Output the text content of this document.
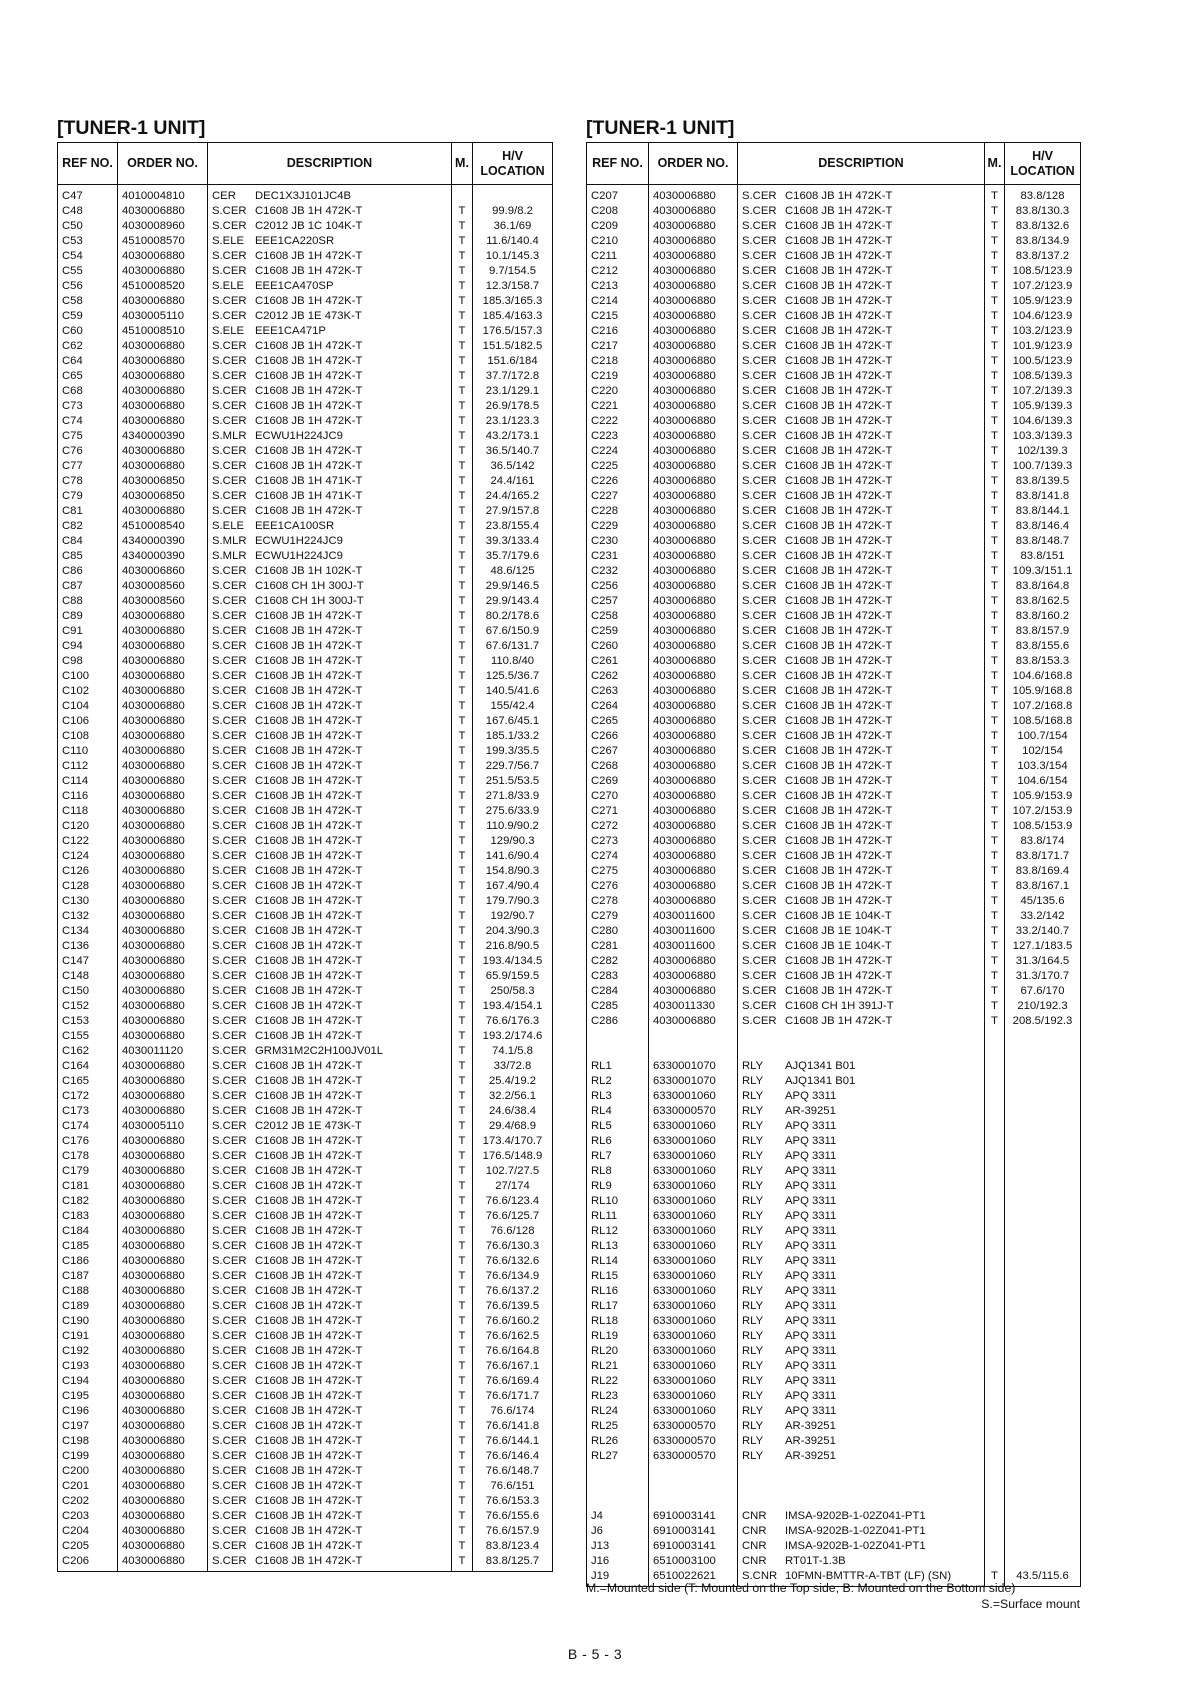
[TUNER-1 UNIT]
REF NO.	ORDER NO.	DESCRIPTION	M.	H/V LOCATION
C47	4010004810	CER DEC1X3J101JC4B		
C48	4030006880	S.CER C1608 JB 1H 472K-T	T	99.9/8.2
C50	4030008960	S.CER C2012 JB 1C 104K-T	T	36.1/69
C53	4510008570	S.ELE EEE1CA220SR	T	11.6/140.4
C54	4030006880	S.CER C1608 JB 1H 472K-T	T	10.1/145.3
C55	4030006880	S.CER C1608 JB 1H 472K-T	T	9.7/154.5
C56	4510008520	S.ELE EEE1CA470SP	T	12.3/158.7
C58	4030006880	S.CER C1608 JB 1H 472K-T	T	185.3/165.3
C59	4030005110	S.CER C2012 JB 1E 473K-T	T	185.4/163.3
C60	4510008510	S.ELE EEE1CA471P	T	176.5/157.3
C62	4030006880	S.CER C1608 JB 1H 472K-T	T	151.5/182.5
C64	4030006880	S.CER C1608 JB 1H 472K-T	T	151.6/184
C65	4030006880	S.CER C1608 JB 1H 472K-T	T	37.7/172.8
C68	4030006880	S.CER C1608 JB 1H 472K-T	T	23.1/129.1
C73	4030006880	S.CER C1608 JB 1H 472K-T	T	26.9/178.5
C74	4030006880	S.CER C1608 JB 1H 472K-T	T	23.1/123.3
C75	4340000390	S.MLR ECWU1H224JC9	T	43.2/173.1
C76	4030006880	S.CER C1608 JB 1H 472K-T	T	36.5/140.7
C77	4030006880	S.CER C1608 JB 1H 472K-T	T	36.5/142
C78	4030006850	S.CER C1608 JB 1H 471K-T	T	24.4/161
C79	4030006850	S.CER C1608 JB 1H 471K-T	T	24.4/165.2
C81	4030006880	S.CER C1608 JB 1H 472K-T	T	27.9/157.8
C82	4510008540	S.ELE EEE1CA100SR	T	23.8/155.4
C84	4340000390	S.MLR ECWU1H224JC9	T	39.3/133.4
C85	4340000390	S.MLR ECWU1H224JC9	T	35.7/179.6
C86	4030006860	S.CER C1608 JB 1H 102K-T	T	48.6/125
C87	4030008560	S.CER C1608 CH 1H 300J-T	T	29.9/146.5
C88	4030008560	S.CER C1608 CH 1H 300J-T	T	29.9/143.4
C89	4030006880	S.CER C1608 JB 1H 472K-T	T	80.2/178.6
C91	4030006880	S.CER C1608 JB 1H 472K-T	T	67.6/150.9
C94	4030006880	S.CER C1608 JB 1H 472K-T	T	67.6/131.7
C98	4030006880	S.CER C1608 JB 1H 472K-T	T	110.8/40
C100	4030006880	S.CER C1608 JB 1H 472K-T	T	125.5/36.7
C102	4030006880	S.CER C1608 JB 1H 472K-T	T	140.5/41.6
C104	4030006880	S.CER C1608 JB 1H 472K-T	T	155/42.4
C106	4030006880	S.CER C1608 JB 1H 472K-T	T	167.6/45.1
C108	4030006880	S.CER C1608 JB 1H 472K-T	T	185.1/33.2
C110	4030006880	S.CER C1608 JB 1H 472K-T	T	199.3/35.5
C112	4030006880	S.CER C1608 JB 1H 472K-T	T	229.7/56.7
C114	4030006880	S.CER C1608 JB 1H 472K-T	T	251.5/53.5
C116	4030006880	S.CER C1608 JB 1H 472K-T	T	271.8/33.9
C118	4030006880	S.CER C1608 JB 1H 472K-T	T	275.6/33.9
C120	4030006880	S.CER C1608 JB 1H 472K-T	T	110.9/90.2
C122	4030006880	S.CER C1608 JB 1H 472K-T	T	129/90.3
C124	4030006880	S.CER C1608 JB 1H 472K-T	T	141.6/90.4
C126	4030006880	S.CER C1608 JB 1H 472K-T	T	154.8/90.3
C128	4030006880	S.CER C1608 JB 1H 472K-T	T	167.4/90.4
C130	4030006880	S.CER C1608 JB 1H 472K-T	T	179.7/90.3
C132	4030006880	S.CER C1608 JB 1H 472K-T	T	192/90.7
C134	4030006880	S.CER C1608 JB 1H 472K-T	T	204.3/90.3
C136	4030006880	S.CER C1608 JB 1H 472K-T	T	216.8/90.5
C147	4030006880	S.CER C1608 JB 1H 472K-T	T	193.4/134.5
C148	4030006880	S.CER C1608 JB 1H 472K-T	T	65.9/159.5
C150	4030006880	S.CER C1608 JB 1H 472K-T	T	250/58.3
C152	4030006880	S.CER C1608 JB 1H 472K-T	T	193.4/154.1
C153	4030006880	S.CER C1608 JB 1H 472K-T	T	76.6/176.3
C155	4030006880	S.CER C1608 JB 1H 472K-T	T	193.2/174.6
C162	4030011120	S.CER GRM31M2C2H100JV01L	T	74.1/5.8
C164	4030006880	S.CER C1608 JB 1H 472K-T	T	33/72.8
C165	4030006880	S.CER C1608 JB 1H 472K-T	T	25.4/19.2
C172	4030006880	S.CER C1608 JB 1H 472K-T	T	32.2/56.1
C173	4030006880	S.CER C1608 JB 1H 472K-T	T	24.6/38.4
C174	4030005110	S.CER C2012 JB 1E 473K-T	T	29.4/68.9
C176	4030006880	S.CER C1608 JB 1H 472K-T	T	173.4/170.7
C178	4030006880	S.CER C1608 JB 1H 472K-T	T	176.5/148.9
C179	4030006880	S.CER C1608 JB 1H 472K-T	T	102.7/27.5
C181	4030006880	S.CER C1608 JB 1H 472K-T	T	27/174
C182	4030006880	S.CER C1608 JB 1H 472K-T	T	76.6/123.4
C183	4030006880	S.CER C1608 JB 1H 472K-T	T	76.6/125.7
C184	4030006880	S.CER C1608 JB 1H 472K-T	T	76.6/128
C185	4030006880	S.CER C1608 JB 1H 472K-T	T	76.6/130.3
C186	4030006880	S.CER C1608 JB 1H 472K-T	T	76.6/132.6
C187	4030006880	S.CER C1608 JB 1H 472K-T	T	76.6/134.9
C188	4030006880	S.CER C1608 JB 1H 472K-T	T	76.6/137.2
C189	4030006880	S.CER C1608 JB 1H 472K-T	T	76.6/139.5
C190	4030006880	S.CER C1608 JB 1H 472K-T	T	76.6/160.2
C191	4030006880	S.CER C1608 JB 1H 472K-T	T	76.6/162.5
C192	4030006880	S.CER C1608 JB 1H 472K-T	T	76.6/164.8
C193	4030006880	S.CER C1608 JB 1H 472K-T	T	76.6/167.1
C194	4030006880	S.CER C1608 JB 1H 472K-T	T	76.6/169.4
C195	4030006880	S.CER C1608 JB 1H 472K-T	T	76.6/171.7
C196	4030006880	S.CER C1608 JB 1H 472K-T	T	76.6/174
C197	4030006880	S.CER C1608 JB 1H 472K-T	T	76.6/141.8
C198	4030006880	S.CER C1608 JB 1H 472K-T	T	76.6/144.1
C199	4030006880	S.CER C1608 JB 1H 472K-T	T	76.6/146.4
C200	4030006880	S.CER C1608 JB 1H 472K-T	T	76.6/148.7
C201	4030006880	S.CER C1608 JB 1H 472K-T	T	76.6/151
C202	4030006880	S.CER C1608 JB 1H 472K-T	T	76.6/153.3
C203	4030006880	S.CER C1608 JB 1H 472K-T	T	76.6/155.6
C204	4030006880	S.CER C1608 JB 1H 472K-T	T	76.6/157.9
C205	4030006880	S.CER C1608 JB 1H 472K-T	T	83.8/123.4
C206	4030006880	S.CER C1608 JB 1H 472K-T	T	83.8/125.7
[TUNER-1 UNIT]
REF NO.	ORDER NO.	DESCRIPTION	M.	H/V LOCATION
C207	4030006880	S.CER C1608 JB 1H 472K-T	T	83.8/128
C208	4030006880	S.CER C1608 JB 1H 472K-T	T	83.8/130.3
C209	4030006880	S.CER C1608 JB 1H 472K-T	T	83.8/132.6
C210	4030006880	S.CER C1608 JB 1H 472K-T	T	83.8/134.9
C211	4030006880	S.CER C1608 JB 1H 472K-T	T	83.8/137.2
C212	4030006880	S.CER C1608 JB 1H 472K-T	T	108.5/123.9
C213	4030006880	S.CER C1608 JB 1H 472K-T	T	107.2/123.9
C214	4030006880	S.CER C1608 JB 1H 472K-T	T	105.9/123.9
C215	4030006880	S.CER C1608 JB 1H 472K-T	T	104.6/123.9
C216	4030006880	S.CER C1608 JB 1H 472K-T	T	103.2/123.9
C217	4030006880	S.CER C1608 JB 1H 472K-T	T	101.9/123.9
C218	4030006880	S.CER C1608 JB 1H 472K-T	T	100.5/123.9
C219	4030006880	S.CER C1608 JB 1H 472K-T	T	108.5/139.3
C220	4030006880	S.CER C1608 JB 1H 472K-T	T	107.2/139.3
C221	4030006880	S.CER C1608 JB 1H 472K-T	T	105.9/139.3
C222	4030006880	S.CER C1608 JB 1H 472K-T	T	104.6/139.3
C223	4030006880	S.CER C1608 JB 1H 472K-T	T	103.3/139.3
C224	4030006880	S.CER C1608 JB 1H 472K-T	T	102/139.3
C225	4030006880	S.CER C1608 JB 1H 472K-T	T	100.7/139.3
C226	4030006880	S.CER C1608 JB 1H 472K-T	T	83.8/139.5
C227	4030006880	S.CER C1608 JB 1H 472K-T	T	83.8/141.8
C228	4030006880	S.CER C1608 JB 1H 472K-T	T	83.8/144.1
C229	4030006880	S.CER C1608 JB 1H 472K-T	T	83.8/146.4
C230	4030006880	S.CER C1608 JB 1H 472K-T	T	83.8/148.7
C231	4030006880	S.CER C1608 JB 1H 472K-T	T	83.8/151
C232	4030006880	S.CER C1608 JB 1H 472K-T	T	109.3/151.1
C256	4030006880	S.CER C1608 JB 1H 472K-T	T	83.8/164.8
C257	4030006880	S.CER C1608 JB 1H 472K-T	T	83.8/162.5
C258	4030006880	S.CER C1608 JB 1H 472K-T	T	83.8/160.2
C259	4030006880	S.CER C1608 JB 1H 472K-T	T	83.8/157.9
C260	4030006880	S.CER C1608 JB 1H 472K-T	T	83.8/155.6
C261	4030006880	S.CER C1608 JB 1H 472K-T	T	83.8/153.3
C262	4030006880	S.CER C1608 JB 1H 472K-T	T	104.6/168.8
C263	4030006880	S.CER C1608 JB 1H 472K-T	T	105.9/168.8
C264	4030006880	S.CER C1608 JB 1H 472K-T	T	107.2/168.8
C265	4030006880	S.CER C1608 JB 1H 472K-T	T	108.5/168.8
C266	4030006880	S.CER C1608 JB 1H 472K-T	T	100.7/154
C267	4030006880	S.CER C1608 JB 1H 472K-T	T	102/154
C268	4030006880	S.CER C1608 JB 1H 472K-T	T	103.3/154
C269	4030006880	S.CER C1608 JB 1H 472K-T	T	104.6/154
C270	4030006880	S.CER C1608 JB 1H 472K-T	T	105.9/153.9
C271	4030006880	S.CER C1608 JB 1H 472K-T	T	107.2/153.9
C272	4030006880	S.CER C1608 JB 1H 472K-T	T	108.5/153.9
C273	4030006880	S.CER C1608 JB 1H 472K-T	T	83.8/174
C274	4030006880	S.CER C1608 JB 1H 472K-T	T	83.8/171.7
C275	4030006880	S.CER C1608 JB 1H 472K-T	T	83.8/169.4
C276	4030006880	S.CER C1608 JB 1H 472K-T	T	83.8/167.1
C278	4030006880	S.CER C1608 JB 1H 472K-T	T	45/135.6
C279	4030011600	S.CER C1608 JB 1E 104K-T	T	33.2/142
C280	4030011600	S.CER C1608 JB 1E 104K-T	T	33.2/140.7
C281	4030011600	S.CER C1608 JB 1E 104K-T	T	127.1/183.5
C282	4030006880	S.CER C1608 JB 1H 472K-T	T	31.3/164.5
C283	4030006880	S.CER C1608 JB 1H 472K-T	T	31.3/170.7
C284	4030006880	S.CER C1608 JB 1H 472K-T	T	67.6/170
C285	4030011330	S.CER C1608 CH 1H 391J-T	T	210/192.3
C286	4030006880	S.CER C1608 JB 1H 472K-T	T	208.5/192.3

RL1	6330001070	RLY AJQ1341 B01		
RL2	6330001070	RLY AJQ1341 B01		
RL3	6330001060	RLY APQ 3311		
RL4	6330000570	RLY AR-39251		
RL5	6330001060	RLY APQ 3311		
RL6	6330001060	RLY APQ 3311		
RL7	6330001060	RLY APQ 3311		
RL8	6330001060	RLY APQ 3311		
RL9	6330001060	RLY APQ 3311		
RL10	6330001060	RLY APQ 3311		
RL11	6330001060	RLY APQ 3311		
RL12	6330001060	RLY APQ 3311		
RL13	6330001060	RLY APQ 3311		
RL14	6330001060	RLY APQ 3311		
RL15	6330001060	RLY APQ 3311		
RL16	6330001060	RLY APQ 3311		
RL17	6330001060	RLY APQ 3311		
RL18	6330001060	RLY APQ 3311		
RL19	6330001060	RLY APQ 3311		
RL20	6330001060	RLY APQ 3311		
RL21	6330001060	RLY APQ 3311		
RL22	6330001060	RLY APQ 3311		
RL23	6330001060	RLY APQ 3311		
RL24	6330001060	RLY APQ 3311		
RL25	6330000570	RLY AR-39251		
RL26	6330000570	RLY AR-39251		
RL27	6330000570	RLY AR-39251		

J4	6910003141	CNR IMSA-9202B-1-02Z041-PT1		
J6	6910003141	CNR IMSA-9202B-1-02Z041-PT1		
J13	6910003141	CNR IMSA-9202B-1-02Z041-PT1		
J16	6510003100	CNR RT01T-1.3B		
J19	6510022621	S.CNR 10FMN-BMTTR-A-TBT (LF) (SN)	T	43.5/115.6
M.=Mounted side (T: Mounted on the Top side, B: Mounted on the Bottom side)
S.=Surface mount
B - 5 - 3
